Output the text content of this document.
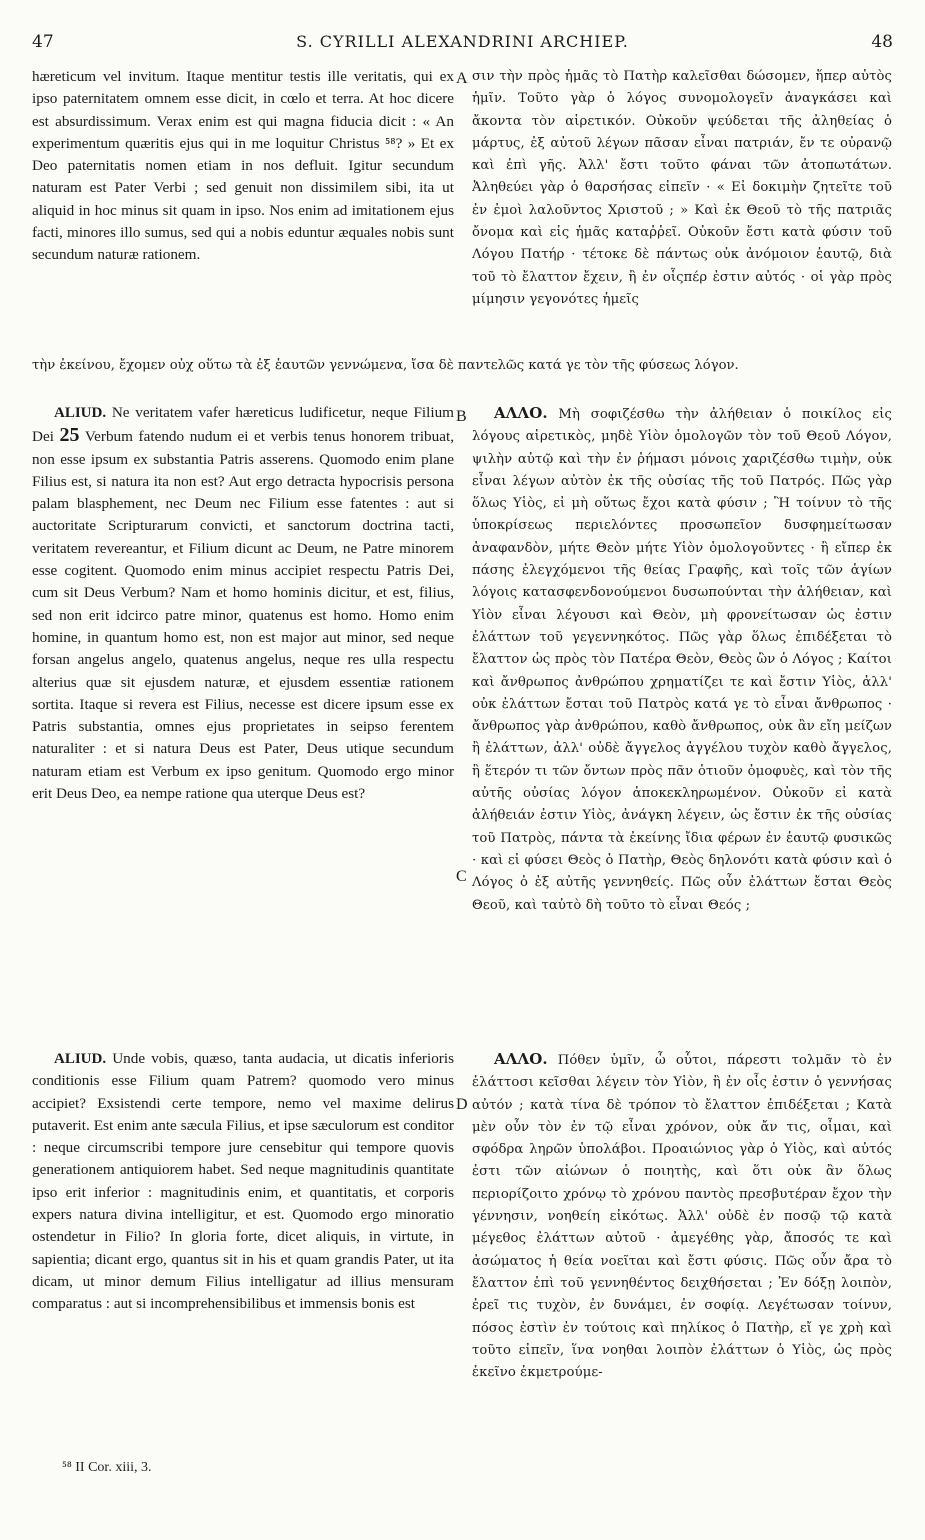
47	S. CYRILLI ALEXANDRINI ARCHIEP.	48
hæreticum vel invitum. Itaque mentitur testis ille veritatis, qui ex ipso paternitatem omnem esse dicit, in cœlo et terra. At hoc dicere est absurdissimum. Verax enim est qui magna fiducia dicit : « An experimentum quæritis ejus qui in me loquitur Christus ⁵⁸? » Et ex Deo paternitatis nomen etiam in nos defluit. Igitur secundum naturam est Pater Verbi ; sed genuit non dissimilem sibi, ita ut aliquid in hoc minus sit quam in ipso. Nos enim ad imitationem ejus facti, minores illo sumus, sed qui a nobis eduntur æquales nobis sunt secundum naturæ rationem.
σιν τὴν πρὸς ἡμᾶς τὸ Πατὴρ καλεῖσθαι δώσομεν, ἥπερ αὐτὸς ἡμῖν. Τοῦτο γὰρ ὁ λόγος συνομολογεῖν ἀναγκάσει καὶ ἄκοντα τὸν αἱρετικόν. Οὐκοῦν ψεύδεται τῆς ἀληθείας ὁ μάρτυς, ἐξ αὐτοῦ λέγων πᾶσαν εἶναι πατριάν, ἔν τε οὐρανῷ καὶ ἐπὶ γῆς. Ἀλλ' ἔστι τοῦτο φάναι τῶν ἀτοπωτάτων. Ἀληθεύει γὰρ ὁ θαρσήσας εἰπεῖν · « Εἰ δοκιμὴν ζητεῖτε τοῦ ἐν ἐμοὶ λαλοῦντος Χριστοῦ ; » Καὶ ἐκ Θεοῦ τὸ τῆς πατριᾶς ὄνομα καὶ εἰς ἡμᾶς καταῤῥεῖ. Οὐκοῦν ἔστι κατὰ φύσιν τοῦ Λόγου Πατήρ · τέτοκε δὲ πάντως οὐκ ἀνόμοιον ἑαυτῷ, διὰ τοῦ τὸ ἔλαττον ἔχειν, ἢ ἐν οἷςπέρ ἐστιν αὐτός · οἱ γὰρ πρὸς μίμησιν γεγονότες ἡμεῖς
τὴν ἐκείνου, ἔχομεν οὐχ οὕτω τὰ ἐξ ἑαυτῶν γεννώμενα, ἴσα δὲ παντελῶς κατά γε τὸν τῆς φύσεως λόγον.
A
B
C
D
ALIUD. Ne veritatem vafer hæreticus ludificetur, neque Filium Dei 25 Verbum fatendo nudum ei et verbis tenus honorem tribuat, non esse ipsum ex substantia Patris asserens. Quomodo enim plane Filius est, si natura ita non est? Aut ergo detracta hypocrisis persona palam blasphement, nec Deum nec Filium esse fatentes : aut si auctoritate Scripturarum convicti, et sanctorum doctrina tacti, veritatem revereantur, et Filium dicunt ac Deum, ne Patre minorem esse cogitent. Quomodo enim minus accipiet respectu Patris Dei, cum sit Deus Verbum? Nam et homo hominis dicitur, et est, filius, sed non erit idcirco patre minor, quatenus est homo. Homo enim homine, in quantum homo est, non est major aut minor, sed neque forsan angelus angelo, quatenus angelus, neque res ulla respectu alterius quæ sit ejusdem naturæ, et ejusdem essentiæ rationem sortita. Itaque si revera est Filius, necesse est dicere ipsum esse ex Patris substantia, omnes ejus proprietates in seipso ferentem naturaliter : et si natura Deus est Pater, Deus utique secundum naturam etiam est Verbum ex ipso genitum. Quomodo ergo minor erit Deus Deo, ea nempe ratione qua uterque Deus est?
ΑΛΛΟ. Μὴ σοφιζέσθω τὴν ἀλήθειαν ὁ ποικίλος εἰς λόγους αἱρετικὸς, μηδὲ Υἱὸν ὁμολογῶν τὸν τοῦ Θεοῦ Λόγον, ψιλὴν αὐτῷ καὶ τὴν ἐν ῥήμασι μόνοις χαριζέσθω τιμὴν, οὐκ εἶναι λέγων αὐτὸν ἐκ τῆς οὐσίας τῆς τοῦ Πατρός. Πῶς γὰρ ὅλως Υἱὸς, εἰ μὴ οὕτως ἔχοι κατὰ φύσιν ; Ἢ τοίνυν τὸ τῆς ὑποκρίσεως περιελόντες προσωπεῖον δυσφημείτωσαν ἀναφανδὸν, μήτε Θεὸν μήτε Υἱὸν ὁμολογοῦντες · ἢ εἴπερ ἐκ πάσης ἐλεγχόμενοι τῆς θείας Γραφῆς, καὶ τοῖς τῶν ἁγίων λόγοις κατασφενδονούμενοι δυσωπούνται τὴν ἀλήθειαν, καὶ Υἱὸν εἶναι λέγουσι καὶ Θεὸν, μὴ φρονείτωσαν ὡς ἐστιν ἐλάττων τοῦ γεγεννηκότος. Πῶς γὰρ ὅλως ἐπιδέξεται τὸ ἔλαττον ὡς πρὸς τὸν Πατέρα Θεὸν, Θεὸς ὢν ὁ Λόγος ; Καίτοι καὶ ἄνθρωπος ἀνθρώπου χρηματίζει τε καὶ ἔστιν Υἱὸς, ἀλλ' οὐκ ἐλάττων ἔσται τοῦ Πατρὸς κατά γε τὸ εἶναι ἄνθρωπος · ἄνθρωπος γὰρ ἀνθρώπου, καθὸ ἄνθρωπος, οὐκ ἂν εἴη μείζων ἢ ἐλάττων, ἀλλ' οὐδὲ ἄγγελος ἀγγέλου τυχὸν καθὸ ἄγγελος, ἢ ἕτερόν τι τῶν ὄντων πρὸς πᾶν ὁτιοῦν ὁμοφυὲς, καὶ τὸν τῆς αὐτῆς οὐσίας λόγον ἀποκεκληρωμένον. Οὐκοῦν εἰ κατὰ ἀλήθειάν ἐστιν Υἱὸς, ἀνάγκη λέγειν, ὡς ἔστιν ἐκ τῆς οὐσίας τοῦ Πατρὸς, πάντα τὰ ἐκείνης ἴδια φέρων ἐν ἑαυτῷ φυσικῶς · καὶ εἰ φύσει Θεὸς ὁ Πατὴρ, Θεὸς δηλονότι κατὰ φύσιν καὶ ὁ Λόγος ὁ ἐξ αὐτῆς γεννηθείς. Πῶς οὖν ἐλάττων ἔσται Θεὸς Θεοῦ, καὶ ταὐτὸ δὴ τοῦτο τὸ εἶναι Θεός ;
ALIUD. Unde vobis, quæso, tanta audacia, ut dicatis inferioris conditionis esse Filium quam Patrem? quomodo vero minus accipiet? Exsistendi certe tempore, nemo vel maxime delirus putaverit. Est enim ante sæcula Filius, et ipse sæculorum est conditor : neque circumscribi tempore jure censebitur qui tempore quovis generationem antiquiorem habet. Sed neque magnitudinis quantitate ipso erit inferior : magnitudinis enim, et quantitatis, et corporis expers natura divina intelligitur, et est. Quomodo ergo minoratio ostendetur in Filio? In gloria forte, dicet aliquis, in virtute, in sapientia; dicant ergo, quantus sit in his et quam grandis Pater, ut ita dicam, ut minor demum Filius intelligatur ad illius mensuram comparatus : aut si incomprehensibilibus et immensis bonis est
ΑΛΛΟ. Πόθεν ὑμῖν, ὦ οὗτοι, πάρεστι τολμᾶν τὸ ἐν ἐλάττοσι κεῖσθαι λέγειν τὸν Υἱὸν, ἢ ἐν οἷς ἐστιν ὁ γεννήσας αὐτόν ; κατὰ τίνα δὲ τρόπον τὸ ἔλαττον ἐπιδέξεται ; Κατὰ μὲν οὖν τὸν ἐν τῷ εἶναι χρόνον, οὐκ ἄν τις, οἶμαι, καὶ σφόδρα ληρῶν ὑπολάβοι. Προαιώνιος γὰρ ὁ Υἱὸς, καὶ αὐτός ἐστι τῶν αἰώνων ὁ ποιητὴς, καὶ ὅτι οὐκ ἂν ὅλως περιορίζοιτο χρόνῳ τὸ χρόνου παντὸς πρεσβυτέραν ἔχον τὴν γέννησιν, νοηθείη εἰκότως. Ἀλλ' οὐδὲ ἐν ποσῷ τῷ κατὰ μέγεθος ἐλάττων αὐτοῦ · ἀμεγέθης γὰρ, ἄποσός τε καὶ ἀσώματος ἡ θεία νοεῖται καὶ ἔστι φύσις. Πῶς οὖν ἄρα τὸ ἔλαττον ἐπὶ τοῦ γεννηθέντος δειχθήσεται ; Ἐν δόξῃ λοιπὸν, ἐρεῖ τις τυχὸν, ἐν δυνάμει, ἐν σοφίᾳ. Λεγέτωσαν τοίνυν, πόσος ἐστὶν ἐν τούτοις καὶ πηλίκος ὁ Πατὴρ, εἴ γε χρὴ καὶ τοῦτο εἰπεῖν, ἵνα νοηθαι λοιπὸν ἐλάττων ὁ Υἱὸς, ὡς πρὸς ἐκεῖνο ἐκμετρούμε-
⁵⁸ II Cor. xiii, 3.
